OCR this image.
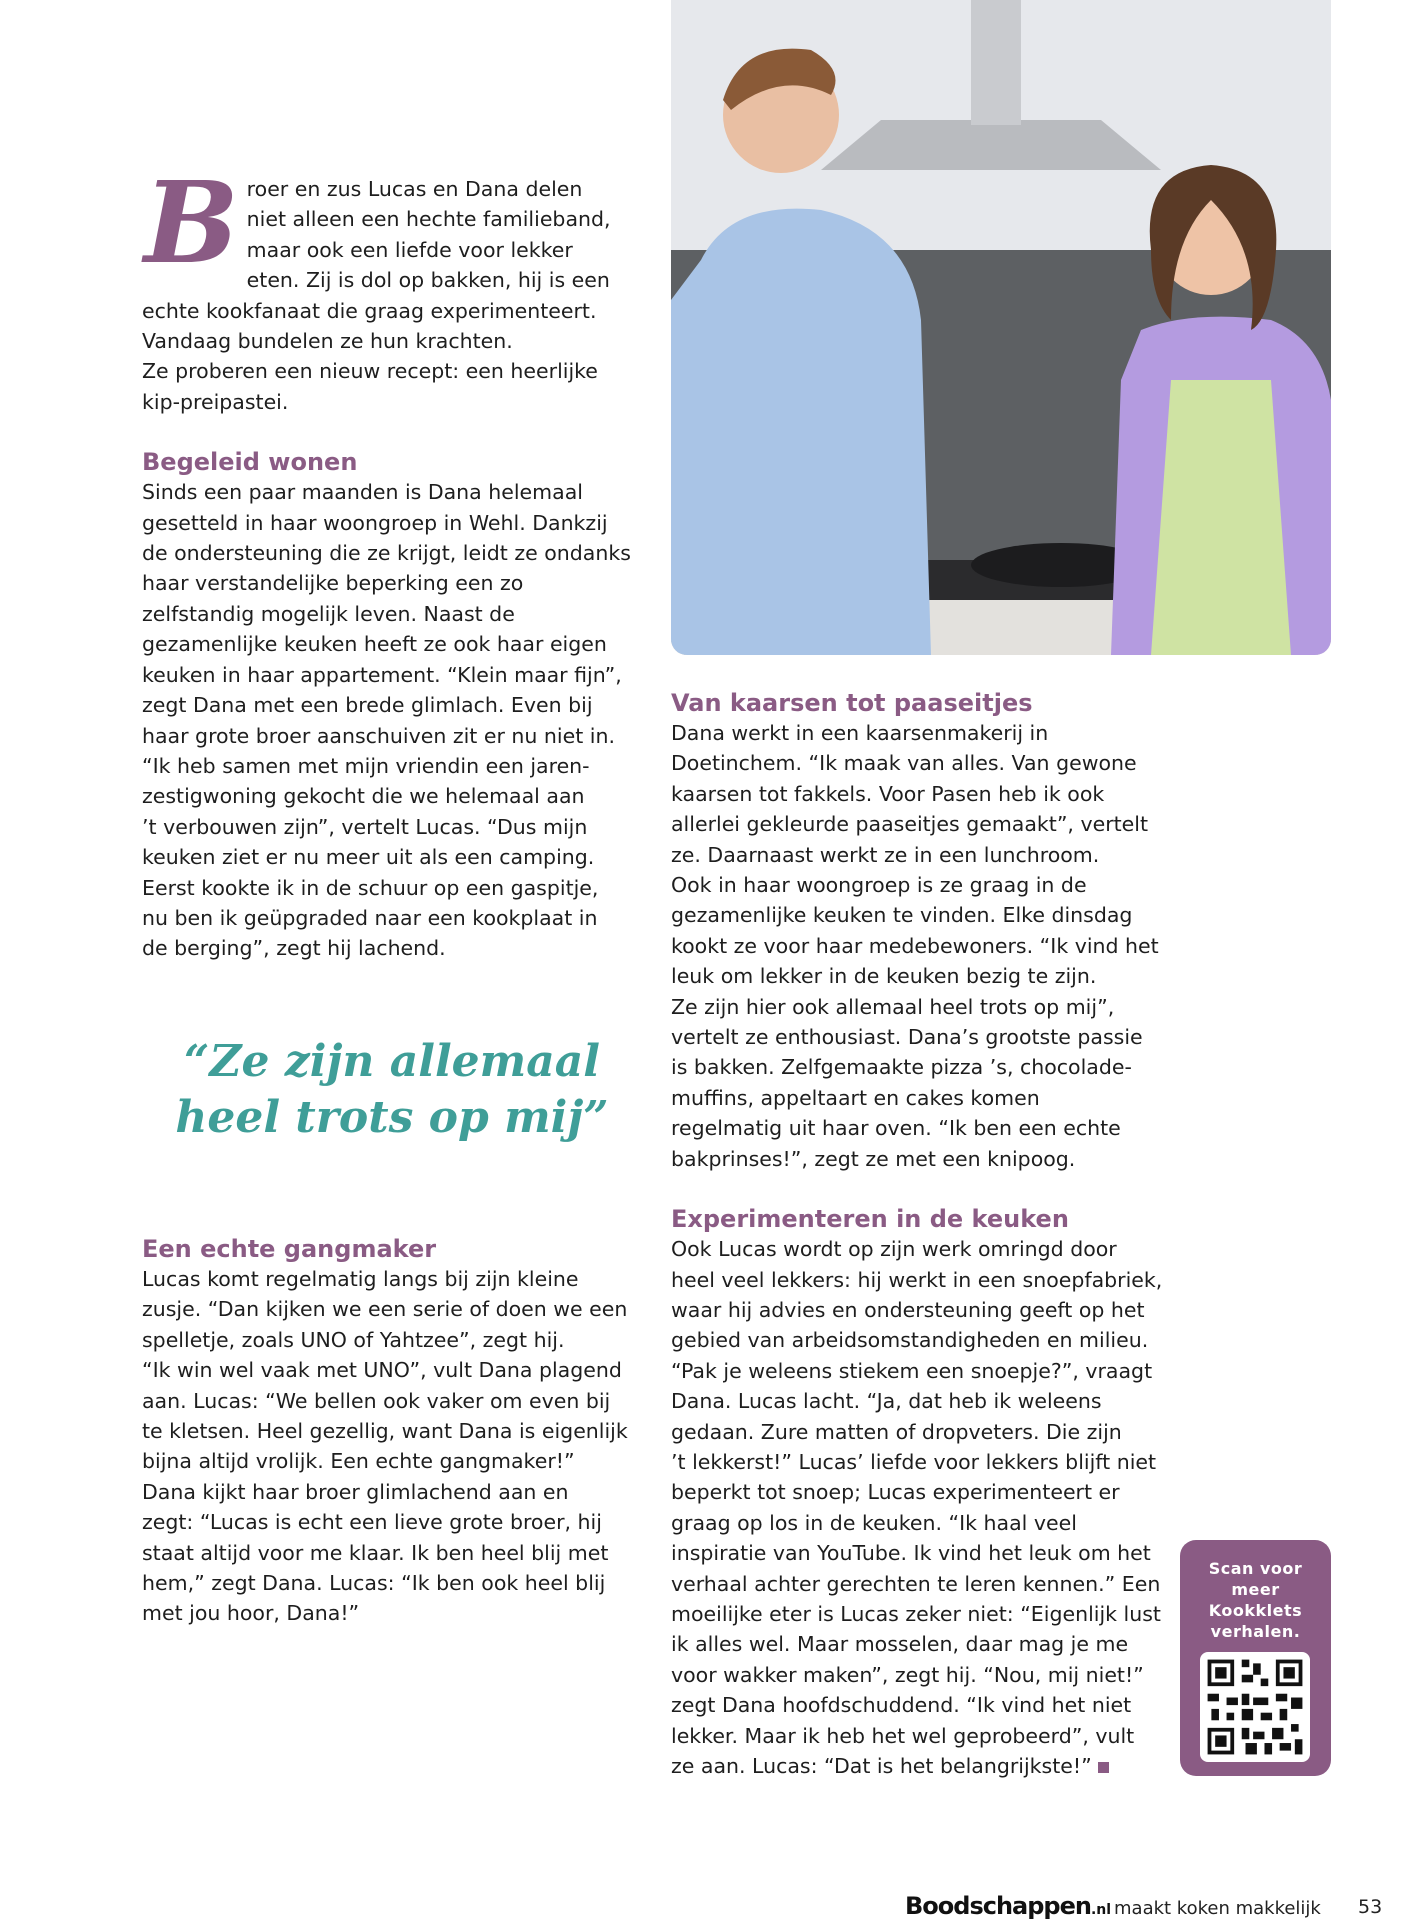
B roer en zus Lucas en Dana delen

niet alleen een hechte familieband,

maar ook een liefde voor lekker

eten. Zij is dol op bakken, hij is een

echte kookfanaat die graag experimenteert.

Vandaag bundelen ze hun krachten.

Ze proberen een nieuw recept: een heerlijke

kip-preipastei.

Begeleid wonen

Sinds een paar maanden is Dana helemaal

gesetteld in haar woongroep in Wehl. Dankzij

de ondersteuning die ze krijgt, leidt ze ondanks

haar verstandelijke beperking een zo

zelfstandig mogelijk leven. Naast de

gezamenlijke keuken heeft ze ook haar eigen

keuken in haar appartement. “Klein maar fijn”,

zegt Dana met een brede glimlach. Even bij

haar grote broer aanschuiven zit er nu niet in.

“Ik heb samen met mijn vriendin een jaren-

zestigwoning gekocht die we helemaal aan

’t verbouwen zijn”, vertelt Lucas. “Dus mijn

keuken ziet er nu meer uit als een camping.

Eerst kookte ik in de schuur op een gaspitje,

nu ben ik geüpgraded naar een kookplaat in

de berging”, zegt hij lachend.

“Ze zijn allemaal
heel trots op mij”
Een echte gangmaker

Lucas komt regelmatig langs bij zijn kleine

zusje. “Dan kijken we een serie of doen we een

spelletje, zoals UNO of Yahtzee”, zegt hij.

“Ik win wel vaak met UNO”, vult Dana plagend

aan. Lucas: “We bellen ook vaker om even bij

te kletsen. Heel gezellig, want Dana is eigenlijk

bijna altijd vrolijk. Een echte gangmaker!”

Dana kijkt haar broer glimlachend aan en

zegt: “Lucas is echt een lieve grote broer, hij

staat altijd voor me klaar. Ik ben heel blij met

hem,” zegt Dana. Lucas: “Ik ben ook heel blij

met jou hoor, Dana!”

Van kaarsen tot paaseitjes

Dana werkt in een kaarsenmakerij in

Doetinchem. “Ik maak van alles. Van gewone

kaarsen tot fakkels. Voor Pasen heb ik ook

allerlei gekleurde paaseitjes gemaakt”, vertelt

ze. Daarnaast werkt ze in een lunchroom.

Ook in haar woongroep is ze graag in de

gezamenlijke keuken te vinden. Elke dinsdag

kookt ze voor haar medebewoners. “Ik vind het

leuk om lekker in de keuken bezig te zijn.

Ze zijn hier ook allemaal heel trots op mij”,

vertelt ze enthousiast. Dana’s grootste passie

is bakken. Zelfgemaakte pizza ’s, chocolade-

muffins, appeltaart en cakes komen

regelmatig uit haar oven. “Ik ben een echte

bakprinses!”, zegt ze met een knipoog.

Experimenteren in de keuken

Ook Lucas wordt op zijn werk omringd door

heel veel lekkers: hij werkt in een snoepfabriek,

waar hij advies en ondersteuning geeft op het

gebied van arbeidsomstandigheden en milieu.

“Pak je weleens stiekem een snoepje?”, vraagt

Dana. Lucas lacht. “Ja, dat heb ik weleens

gedaan. Zure matten of dropveters. Die zijn

’t lekkerst!” Lucas’ liefde voor lekkers blijft niet

beperkt tot snoep; Lucas experimenteert er

graag op los in de keuken. “Ik haal veel

inspiratie van YouTube. Ik vind het leuk om het

verhaal achter gerechten te leren kennen.” Een

moeilijke eter is Lucas zeker niet: “Eigenlijk lust

ik alles wel. Maar mosselen, daar mag je me

voor wakker maken”, zegt hij. “Nou, mij niet!”

zegt Dana hoofdschuddend. “Ik vind het niet

lekker. Maar ik heb het wel geprobeerd”, vult

ze aan. Lucas: “Dat is het belangrijkste!”

Scan voor
meer
Kookklets
verhalen.
Boodschappen.nl maakt koken makkelijk 53
